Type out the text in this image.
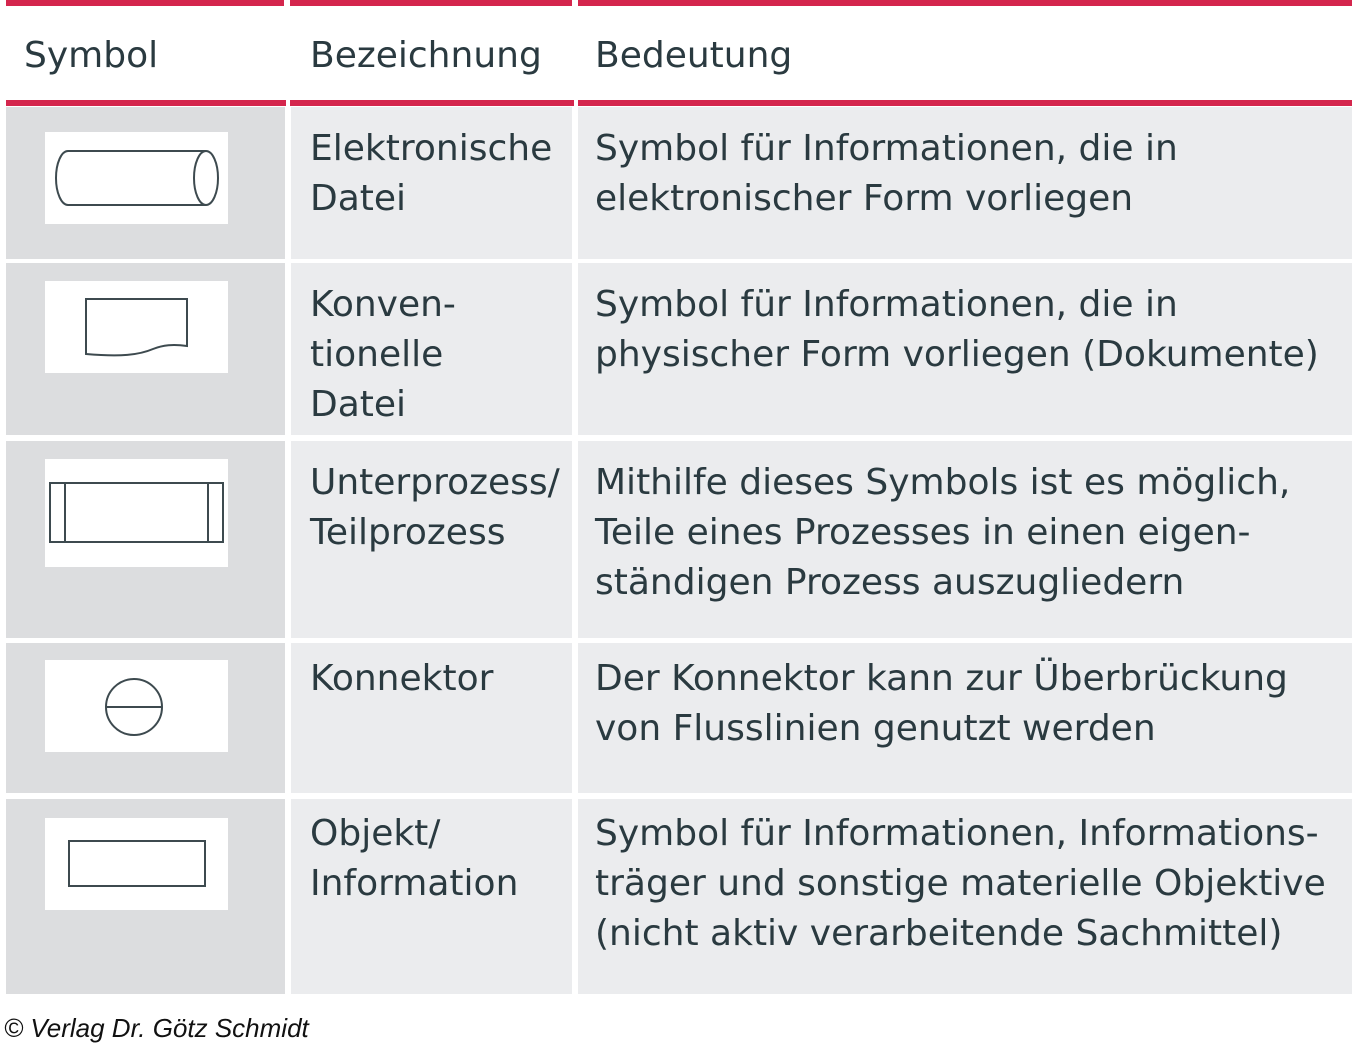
Symbol	Bezeichnung Bedeutung
Elektronische
Datei
Symbol für Informationen, die in
elektronischer Form vorliegen
Konven-
tionelle
Datei
Symbol für Informationen, die in
physischer Form vorliegen (Dokumente)
Unterprozess/
Teilprozess
Mithilfe dieses Symbols ist es möglich,
Teile eines Prozesses in einen eigen-
ständigen Prozess auszugliedern
Konnektor	Der Konnektor kann zur Überbrückung
von Flusslinien genutzt werden
Objekt/
Information
Symbol für Informationen, Informations-
träger und sonstige materielle Objektive
(nicht aktiv verarbeitende Sachmittel)
© Verlag Dr. Götz Schmidt
